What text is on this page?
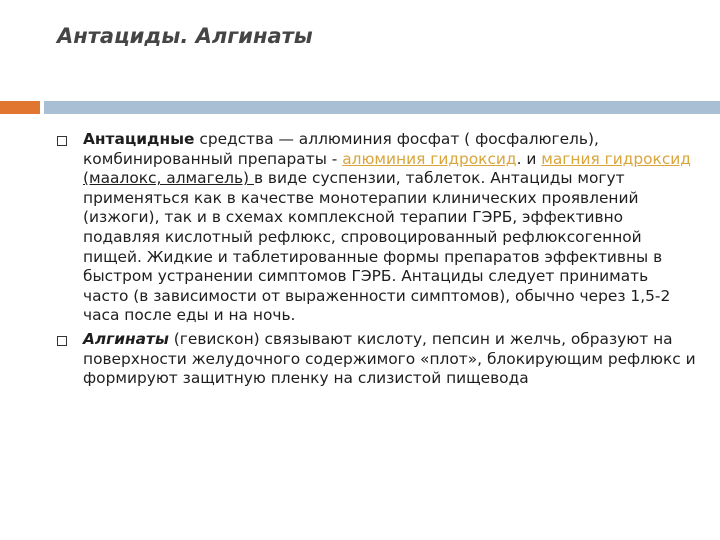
Антациды. Алгинаты
Антацидные средства — аллюминия фосфат ( фосфалюгель), комбинированный препараты - алюминия гидроксид. и магния гидроксид (маалокс, алмагель) в виде суспензии, таблеток. Антациды могут применяться как в качестве монотерапии клинических проявлений (изжоги), так и в схемах комплексной терапии ГЭРБ, эффективно подавляя кислотный рефлюкс, спровоцированный рефлюксогенной пищей. Жидкие и таблетированные формы препаратов эффективны в быстром устранении симптомов ГЭРБ. Антациды следует принимать часто (в зависимости от выраженности симптомов), обычно через 1,5-2 часа после еды и на ночь.
Алгинаты (гевискон) связывают кислоту, пепсин и желчь, образуют на поверхности желудочного содержимого «плот», блокирующим рефлюкс и формируют защитную пленку на слизистой пищевода
